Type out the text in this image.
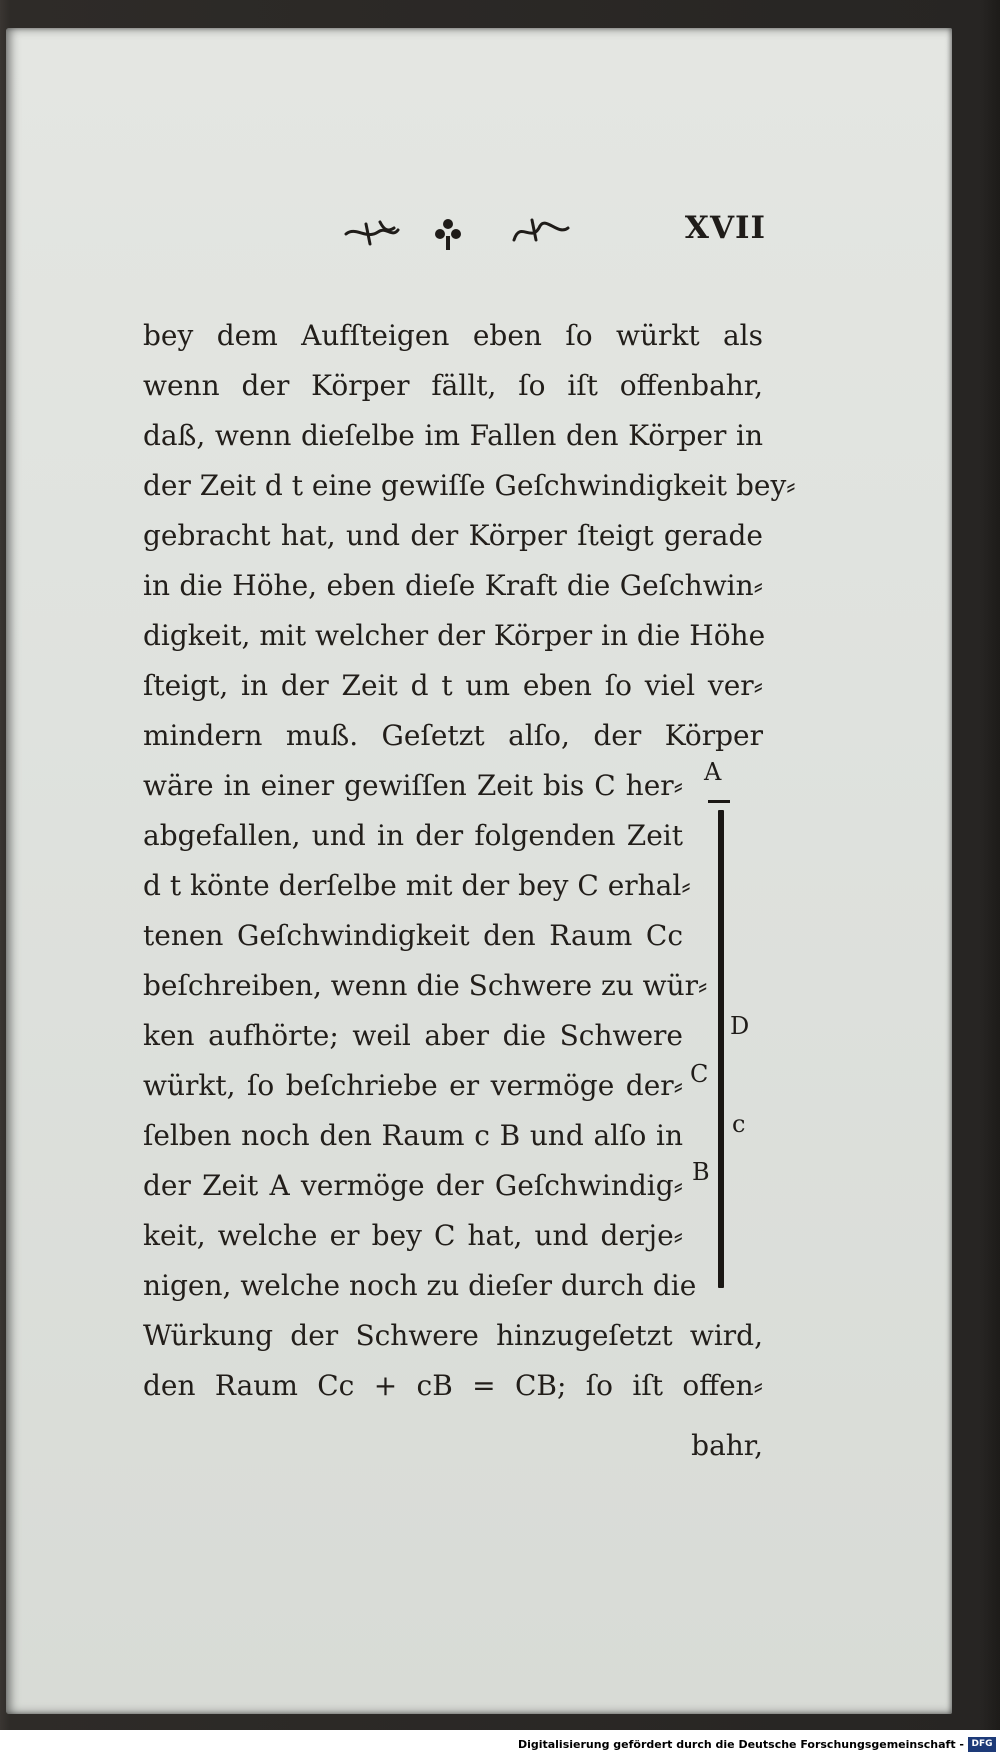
XVII
bey dem Aufſteigen eben ſo würkt als
wenn der Körper fällt, ſo iſt offenbahr,
daß, wenn dieſelbe im Fallen den Körper in
der Zeit d t eine gewiſſe Geſchwindigkeit bey⸗
gebracht hat, und der Körper ſteigt gerade
in die Höhe, eben dieſe Kraft die Geſchwin⸗
digkeit, mit welcher der Körper in die Höhe
ſteigt, in der Zeit d t um eben ſo viel ver⸗
mindern muß. Geſetzt alſo, der Körper
wäre in einer gewiſſen Zeit bis C her⸗
abgefallen, und in der folgenden Zeit
d t könte derſelbe mit der bey C erhal⸗
tenen Geſchwindigkeit den Raum Cc
beſchreiben, wenn die Schwere zu wür⸗
ken aufhörte; weil aber die Schwere
würkt, ſo beſchriebe er vermöge der⸗
ſelben noch den Raum c B und alſo in
der Zeit A vermöge der Geſchwindig⸗
keit, welche er bey C hat, und derje⸗
nigen, welche noch zu dieſer durch die
Würkung der Schwere hinzugeſetzt wird,
den Raum Cc + cB = CB; ſo iſt offen⸗
bahr,
A
D
C
c
B
Digitalisierung gefördert durch die Deutsche Forschungsgemeinschaft - DFG
